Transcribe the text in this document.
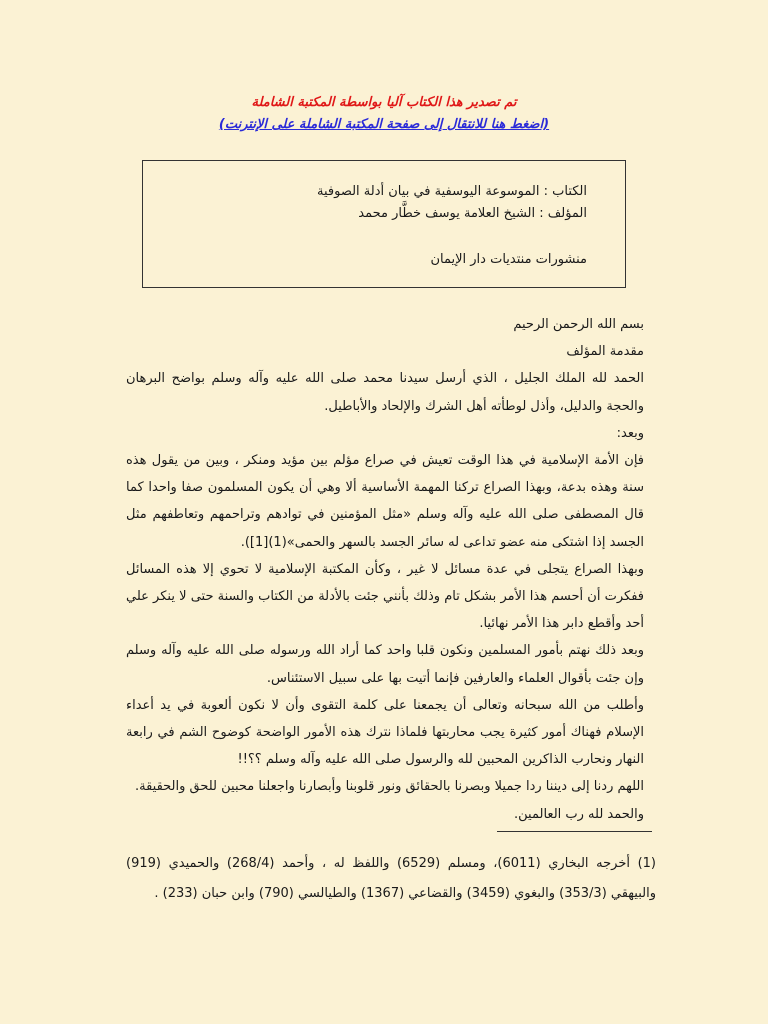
تم تصدير هذا الكتاب آليا بواسطة المكتبة الشاملة
(اضغط هنا للانتقال إلى صفحة المكتبة الشاملة على الإنترنت)
الكتاب : الموسوعة اليوسفية في بيان أدلة الصوفية
المؤلف : الشيخ العلامة يوسف خطَّار محمد
منشورات منتديات دار الإيمان

بسم الله الرحمن الرحيم

مقدمة المؤلف

الحمد لله الملك الجليل ، الذي أرسل سيدنا محمد صلى الله عليه وآله وسلم بواضح البرهان والحجة والدليل، وأذل لوطأته أهل الشرك والإلحاد والأباطيل.

وبعد:

فإن الأمة الإسلامية في هذا الوقت تعيش في صراع مؤلم بين مؤيد ومنكر ، وبين من يقول هذه سنة وهذه بدعة، وبهذا الصراع تركنا المهمة الأساسية ألا وهي أن يكون المسلمون صفا واحدا كما قال المصطفى صلى الله عليه وآله وسلم «مثل المؤمنين في توادهم وتراحمهم وتعاطفهم مثل الجسد إذا اشتكى منه عضو تداعى له سائر الجسد بالسهر والحمى»(1)[1]).

وبهذا الصراع يتجلى في عدة مسائل لا غير ، وكأن المكتبة الإسلامية لا تحوي إلا هذه المسائل ففكرت أن أحسم هذا الأمر بشكل تام وذلك بأنني جئت بالأدلة من الكتاب والسنة حتى لا ينكر علي أحد وأقطع دابر هذا الأمر نهائيا.

وبعد ذلك نهتم بأمور المسلمين ونكون قلبا واحد كما أراد الله ورسوله صلى الله عليه وآله وسلم وإن جئت بأقوال العلماء والعارفين فإنما أتيت بها على سبيل الاستئناس.

وأطلب من الله سبحانه وتعالى أن يجمعنا على كلمة التقوى وأن لا نكون ألعوبة في يد أعداء الإسلام فهناك أمور كثيرة يجب محاربتها فلماذا نترك هذه الأمور الواضحة كوضوح الشم في رابعة النهار ونحارب الذاكرين المحبين لله والرسول صلى الله عليه وآله وسلم ؟؟!!

اللهم ردنا إلى ديننا ردا جميلا وبصرنا بالحقائق ونور قلوبنا وأبصارنا واجعلنا محبين للحق والحقيقة.

والحمد لله رب العالمين.

(1) أخرجه البخاري (6011)، ومسلم (6529) واللفظ له ، وأحمد (268/4) والحميدي (919) والبيهقي (353/3) والبغوي (3459) والقضاعي (1367) والطيالسي (790) وابن حبان (233) .
